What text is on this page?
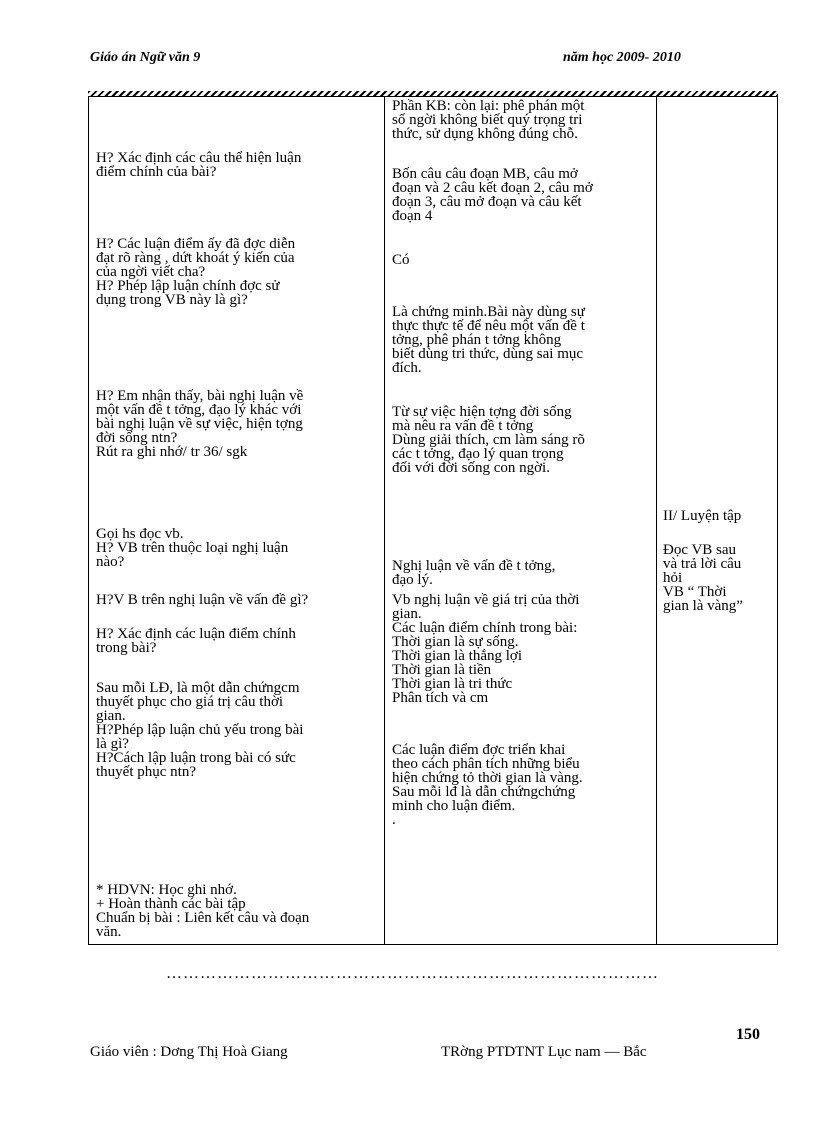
Giáo án Ngữ văn 9	năm học 2009- 2010
H? Xác định các câu thể hiện luận
điểm chính của bài?
H? Các luận điểm ấy đã đợc diễn
đạt rõ ràng , dứt khoát ý kiến của
của ngời viết cha?
H? Phép lập luận chính đợc sử
dụng trong VB này là gì?
H? Em nhận thấy, bài nghị luận về
một vấn đề t tởng, đạo lý khác với
bài nghị luận về sự việc, hiện tợng
đời sống ntn?
Rút ra ghi nhớ/ tr 36/ sgk
Gọi hs đọc vb.
H? VB trên thuộc loại nghị luận
nào?
H?V B trên nghị luận về vấn đề gì?
H? Xác định các luận điểm chính
trong bài?
Sau mỗi LĐ, là một dẫn chứngcm
thuyết phục cho giá trị câu thời
gian.
H?Phép lập luận chủ yếu trong bài
là gì?
H?Cách lập luận trong bài có sức
thuyết phục ntn?
* HDVN: Học ghi nhớ.
+ Hoàn thành các bài tập
Chuẩn bị bài : Liên kết câu và đoạn
văn.
Phần KB: còn lại: phê phán một
số ngời không biết quý trọng tri
thức, sử dụng không đúng chỗ.
Bốn câu câu đoạn MB, câu mở
đoạn và 2 câu kết đoạn 2, câu mở
đoạn 3, câu mở đoạn và câu kết
đoạn 4
Có
Là chứng minh.Bài này dùng sự
thực thực tế để nêu một vấn đề t
tởng, phê phán t tởng không
biết dùng tri thức, dùng sai mục
đích.
Từ sự việc hiện tợng đời sống
mà nêu ra vấn đề t tởng
Dùng giải thích, cm làm sáng rõ
các t tởng, đạo lý quan trọng
đối với đời sống con ngời.
Nghị luận về vấn đề t tởng,
đạo lý.
Vb nghị luận về giá trị của thời
gian.
Các luận điểm chính trong bài:
Thời gian là sự sống.
Thời gian là thắng lợi
Thời gian là tiền
Thời gian là tri thức
Phân tích và cm
Các luận điểm đợc triển khai
theo cách phân tích những biểu
hiện chứng tỏ thời gian là vàng.
Sau mỗi lđ là dẫn chứngchứng
minh cho luận điểm.
.
II/ Luyện tập
Đọc VB sau
và trả lời câu
hỏi
VB “ Thời
gian là vàng”
……………………………………………………………………………
150
Giáo viên : Dơng Thị Hoà Giang	TRờng PTDTNT Lục nam — Bắc
